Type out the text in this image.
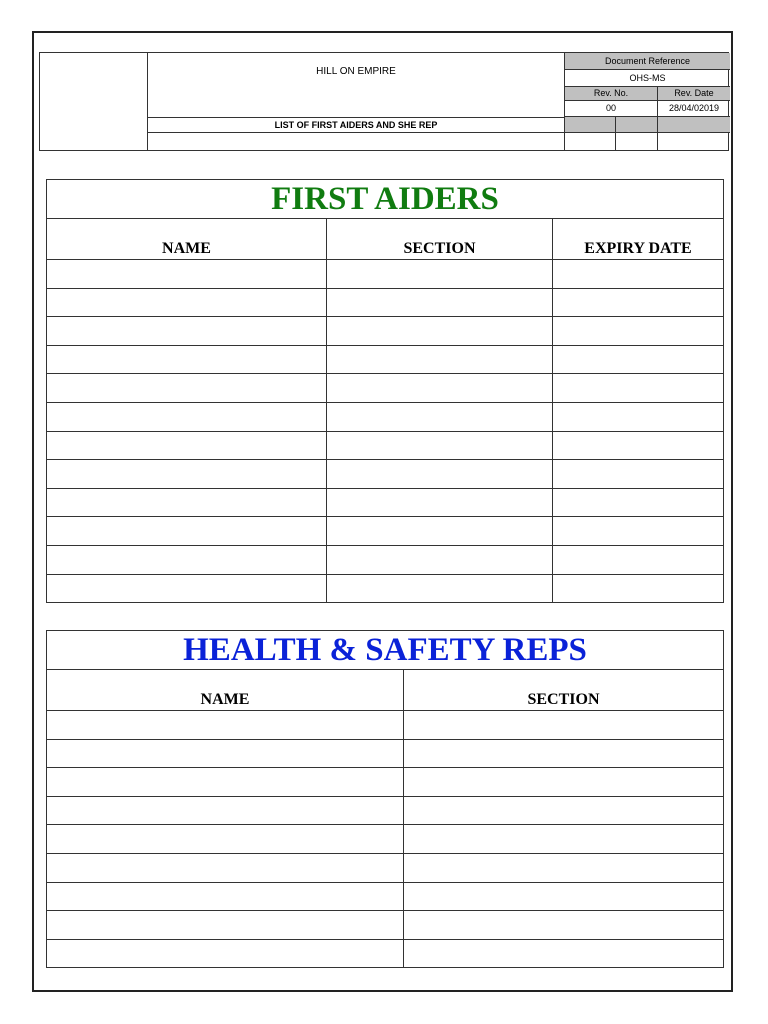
HILL ON EMPIRE
LIST OF FIRST AIDERS AND SHE REP
Document Reference
OHS-MS
Rev. No.	Rev. Date
00	28/04/02019
FIRST AIDERS		
NAME	SECTION	EXPIRY DATE

HEALTH & SAFETY REPS	
NAME	SECTION
